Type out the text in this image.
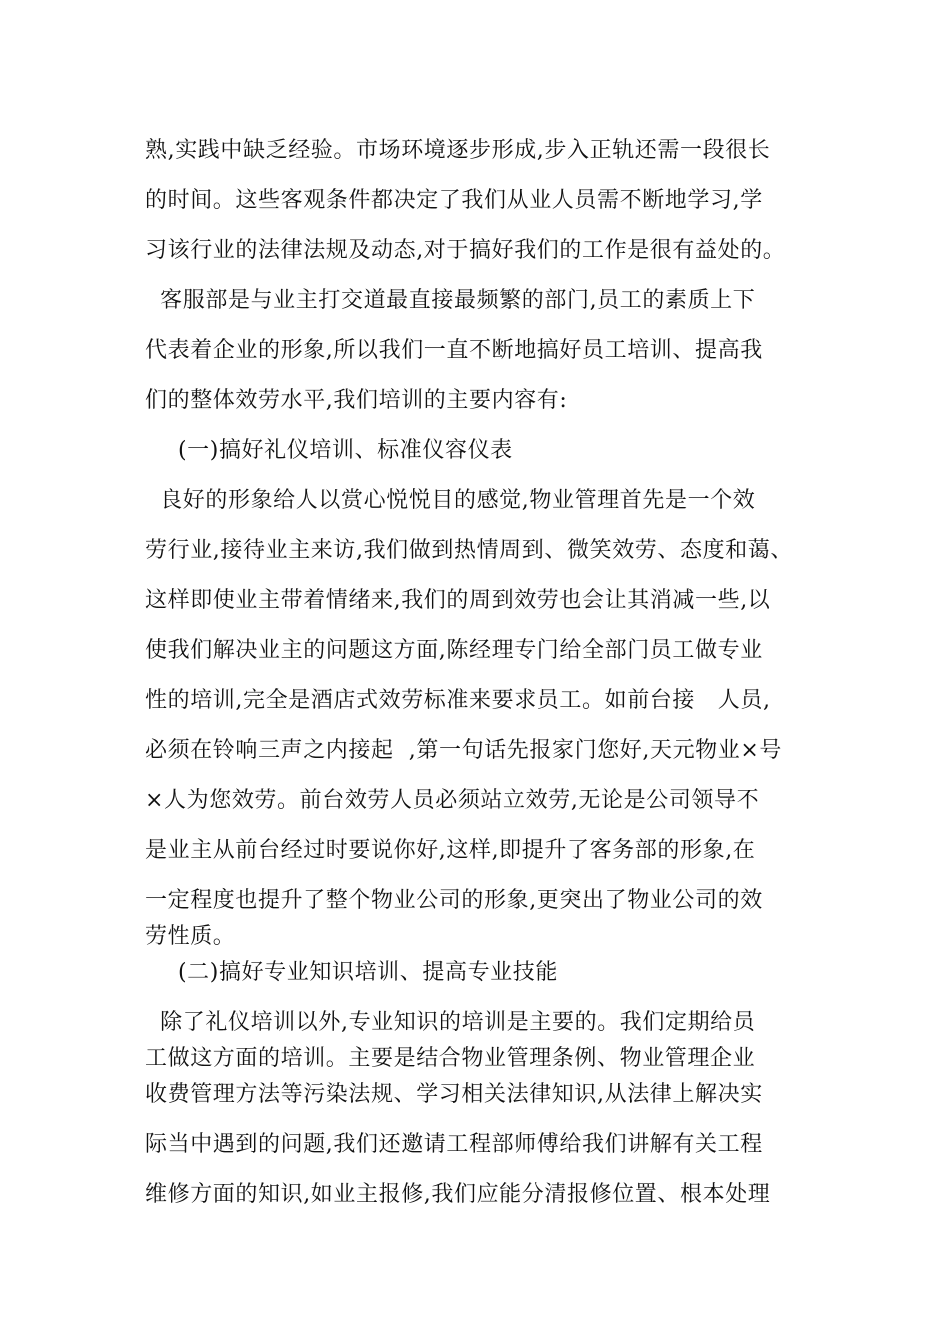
熟,实践中缺乏经验。市场环境逐步形成,步入正轨还需一段很长
的时间。这些客观条件都决定了我们从业人员需不断地学习,学
习该行业的法律法规及动态,对于搞好我们的工作是很有益处的。
客服部是与业主打交道最直接最频繁的部门,员工的素质上下
代表着企业的形象,所以我们一直不断地搞好员工培训、提高我
们的整体效劳水平,我们培训的主要内容有:
(一)搞好礼仪培训、标准仪容仪表
良好的形象给人以赏心悦悦目的感觉,物业管理首先是一个效
劳行业,接待业主来访,我们做到热情周到、微笑效劳、态度和蔼、
这样即使业主带着情绪来,我们的周到效劳也会让其消减一些,以
使我们解决业主的问题这方面,陈经理专门给全部门员工做专业
性的培训,完全是酒店式效劳标准来要求员工。如前台接   人员,
必须在铃响三声之内接起  ,第一句话先报家门您好,天元物业×号
×人为您效劳。前台效劳人员必须站立效劳,无论是公司领导不
是业主从前台经过时要说你好,这样,即提升了客务部的形象,在
一定程度也提升了整个物业公司的形象,更突出了物业公司的效
劳性质。
(二)搞好专业知识培训、提高专业技能
除了礼仪培训以外,专业知识的培训是主要的。我们定期给员
工做这方面的培训。主要是结合物业管理条例、物业管理企业
收费管理方法等污染法规、学习相关法律知识,从法律上解决实
际当中遇到的问题,我们还邀请工程部师傅给我们讲解有关工程
维修方面的知识,如业主报修,我们应能分清报修位置、根本处理
